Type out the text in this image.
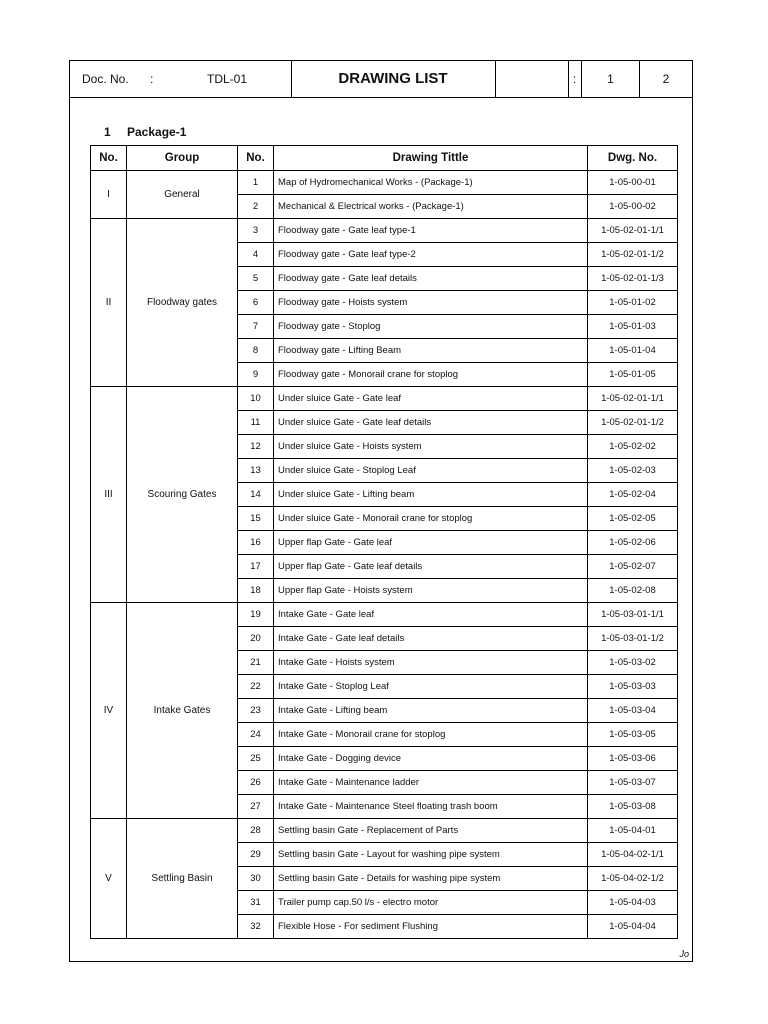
Doc. No. :	TDL-01	DRAWING LIST	:	1	2
1 Package-1
No.	Group	No.	Drawing Tittle	Dwg. No.
I	General	1	Map of Hydromechanical Works - (Package-1)	1-05-00-01
		2	Mechanical & Electrical works - (Package-1)	1-05-00-02
II	Floodway gates	3	Floodway gate - Gate leaf type-1	1-05-02-01-1/1
		4	Floodway gate - Gate leaf type-2	1-05-02-01-1/2
		5	Floodway gate - Gate leaf details	1-05-02-01-1/3
		6	Floodway gate - Hoists system	1-05-01-02
		7	Floodway gate - Stoplog	1-05-01-03
		8	Floodway gate - Lifting Beam	1-05-01-04
		9	Floodway gate - Monorail crane for stoplog	1-05-01-05
III	Scouring Gates	10	Under sluice Gate - Gate leaf	1-05-02-01-1/1
		11	Under sluice Gate - Gate leaf details	1-05-02-01-1/2
		12	Under sluice Gate - Hoists system	1-05-02-02
		13	Under sluice Gate - Stoplog Leaf	1-05-02-03
		14	Under sluice Gate - Lifting beam	1-05-02-04
		15	Under sluice Gate - Monorail crane for stoplog	1-05-02-05
		16	Upper flap Gate - Gate leaf	1-05-02-06
		17	Upper flap Gate - Gate leaf details	1-05-02-07
		18	Upper flap Gate - Hoists system	1-05-02-08
IV	Intake Gates	19	Intake Gate - Gate leaf	1-05-03-01-1/1
		20	Intake Gate - Gate leaf details	1-05-03-01-1/2
		21	Intake Gate - Hoists system	1-05-03-02
		22	Intake Gate - Stoplog Leaf	1-05-03-03
		23	Intake Gate - Lifting beam	1-05-03-04
		24	Intake Gate - Monorail crane for stoplog	1-05-03-05
		25	Intake Gate - Dogging device	1-05-03-06
		26	Intake Gate - Maintenance ladder	1-05-03-07
		27	Intake Gate - Maintenance Steel floating trash boom	1-05-03-08
V	Settling Basin	28	Settling basin Gate - Replacement of Parts	1-05-04-01
		29	Settling basin Gate - Layout for washing pipe system	1-05-04-02-1/1
		30	Settling basin Gate - Details for washing pipe system	1-05-04-02-1/2
		31	Trailer pump cap.50 l/s - electro motor	1-05-04-03
		32	Flexible Hose - For sediment Flushing	1-05-04-04
Jo
